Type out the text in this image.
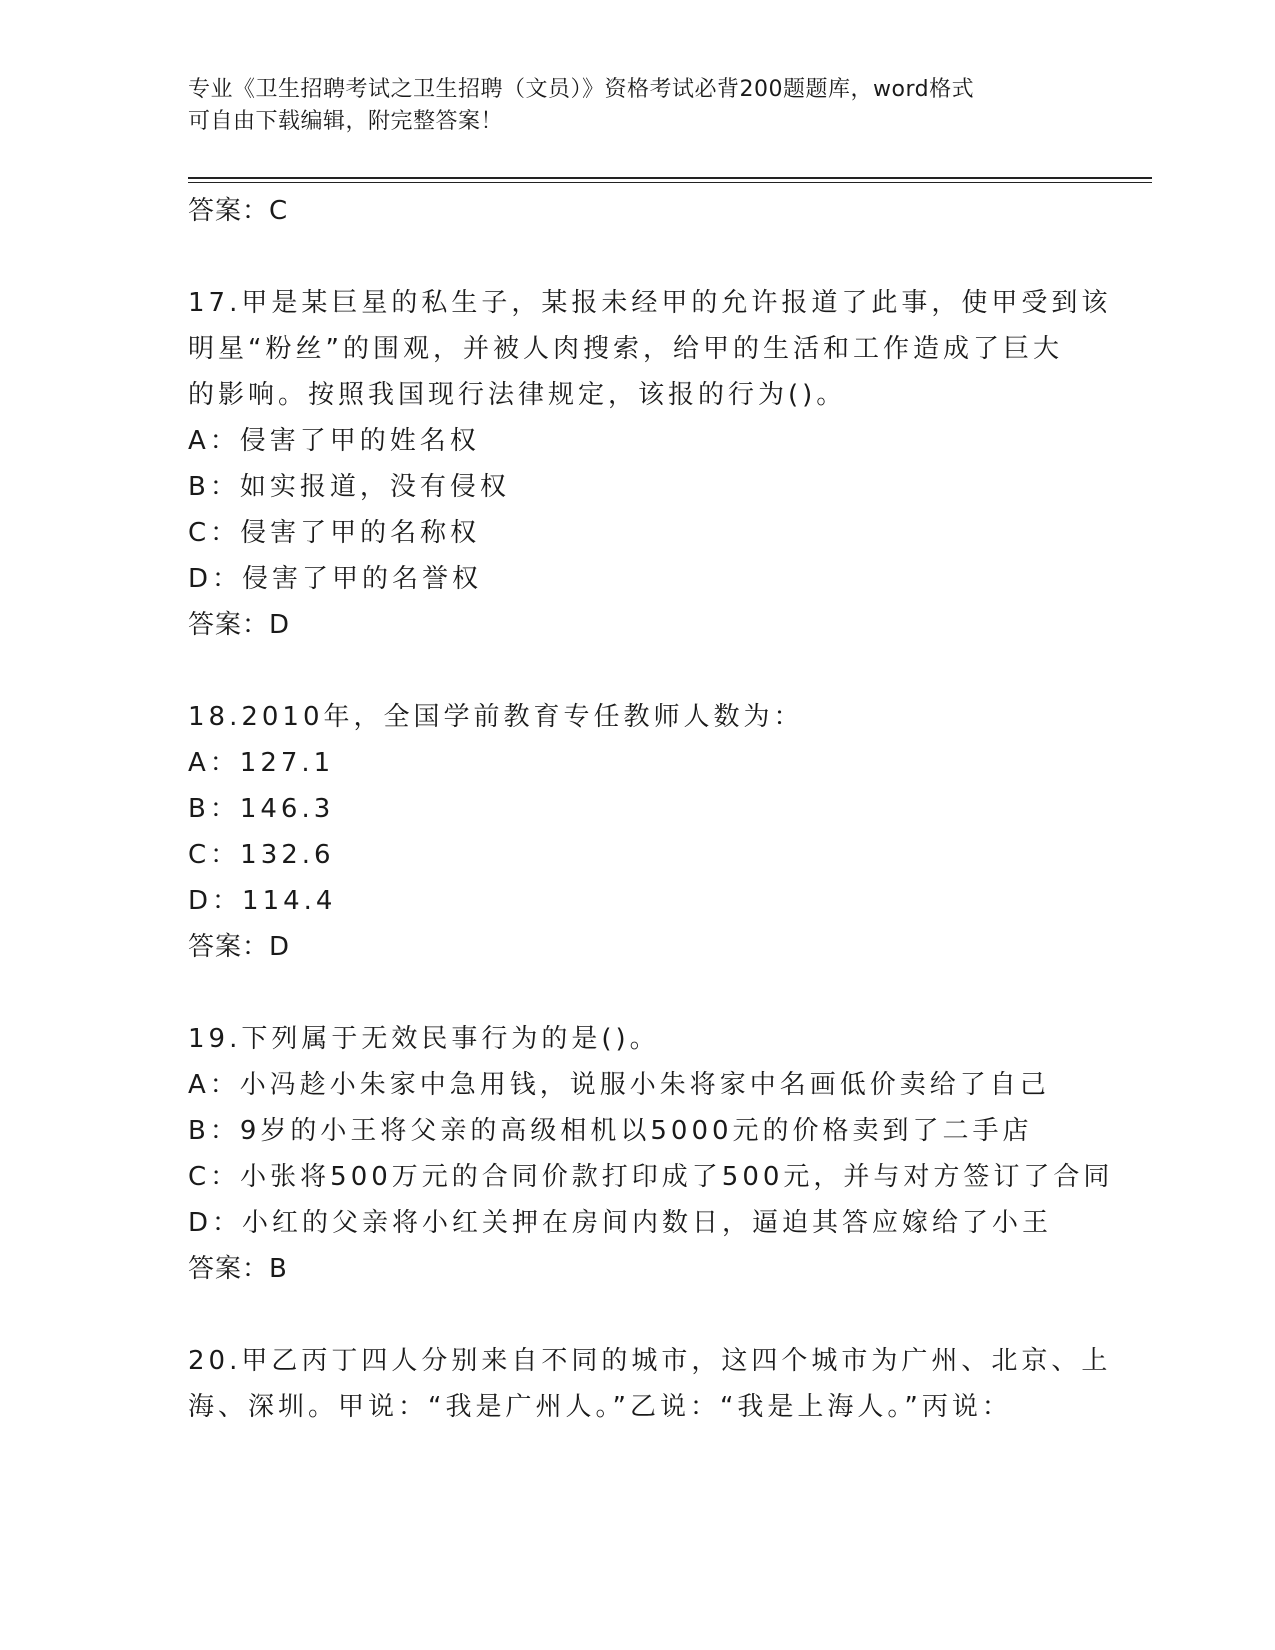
专业《卫生招聘考试之卫生招聘（文员）》资格考试必背200题题库，word格式
可自由下载编辑，附完整答案！
答案：C
17.甲是某巨星的私生子，某报未经甲的允许报道了此事，使甲受到该
明星“粉丝”的围观，并被人肉搜索，给甲的生活和工作造成了巨大
的影响。按照我国现行法律规定，该报的行为()。
A：侵害了甲的姓名权
B：如实报道，没有侵权
C：侵害了甲的名称权
D：侵害了甲的名誉权
答案：D
18.2010年，全国学前教育专任教师人数为：
A：127.1
B：146.3
C：132.6
D：114.4
答案：D
19.下列属于无效民事行为的是()。
A：小冯趁小朱家中急用钱，说服小朱将家中名画低价卖给了自己
B：9岁的小王将父亲的高级相机以5000元的价格卖到了二手店
C：小张将500万元的合同价款打印成了500元，并与对方签订了合同
D：小红的父亲将小红关押在房间内数日，逼迫其答应嫁给了小王
答案：B
20.甲乙丙丁四人分别来自不同的城市，这四个城市为广州、北京、上
海、深圳。甲说：“我是广州人。”乙说：“我是上海人。”丙说：
